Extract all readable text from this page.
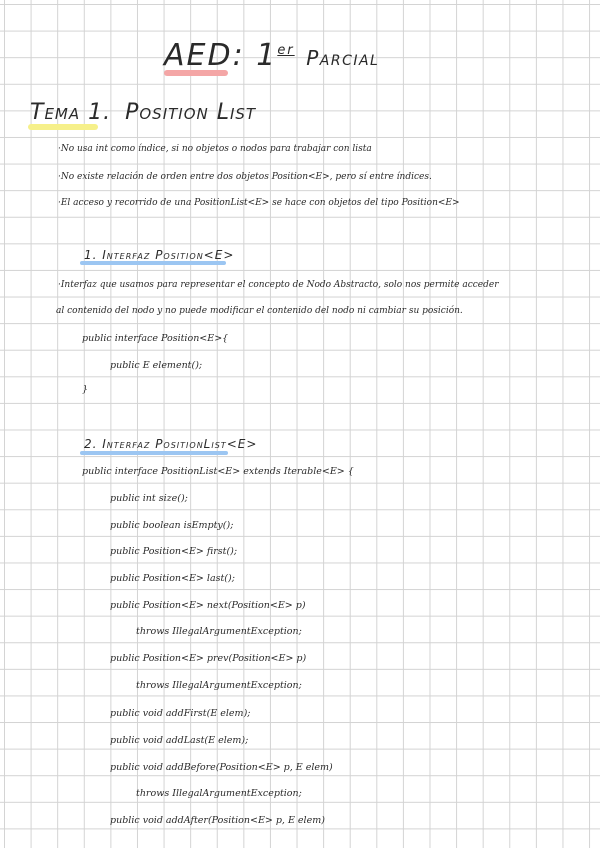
AED: 1er Parcial
Tema 1. Position List
·No usa int como índice, si no objetos o nodos para trabajar con lista
·No existe relación de orden entre dos objetos Position<E>, pero sí entre índices.
·El acceso y recorrido de una PositionList<E> se hace con objetos del tipo Position<E>
1. Interfaz Position<E>
·Interfaz que usamos para representar el concepto de Nodo Abstracto, solo nos permite acceder
al contenido del nodo y no puede modificar el contenido del nodo ni cambiar su posición.
public interface Position<E>{
public E element();
}
2. Interfaz PositionList<E>
public interface PositionList<E> extends Iterable<E> {
public int size();
public boolean isEmpty();
public Position<E> first();
public Position<E> last();
public Position<E> next(Position<E> p)
throws IllegalArgumentException;
public Position<E> prev(Position<E> p)
throws IllegalArgumentException;
public void addFirst(E elem);
public void addLast(E elem);
public void addBefore(Position<E> p, E elem)
throws IllegalArgumentException;
public void addAfter(Position<E> p, E elem)
